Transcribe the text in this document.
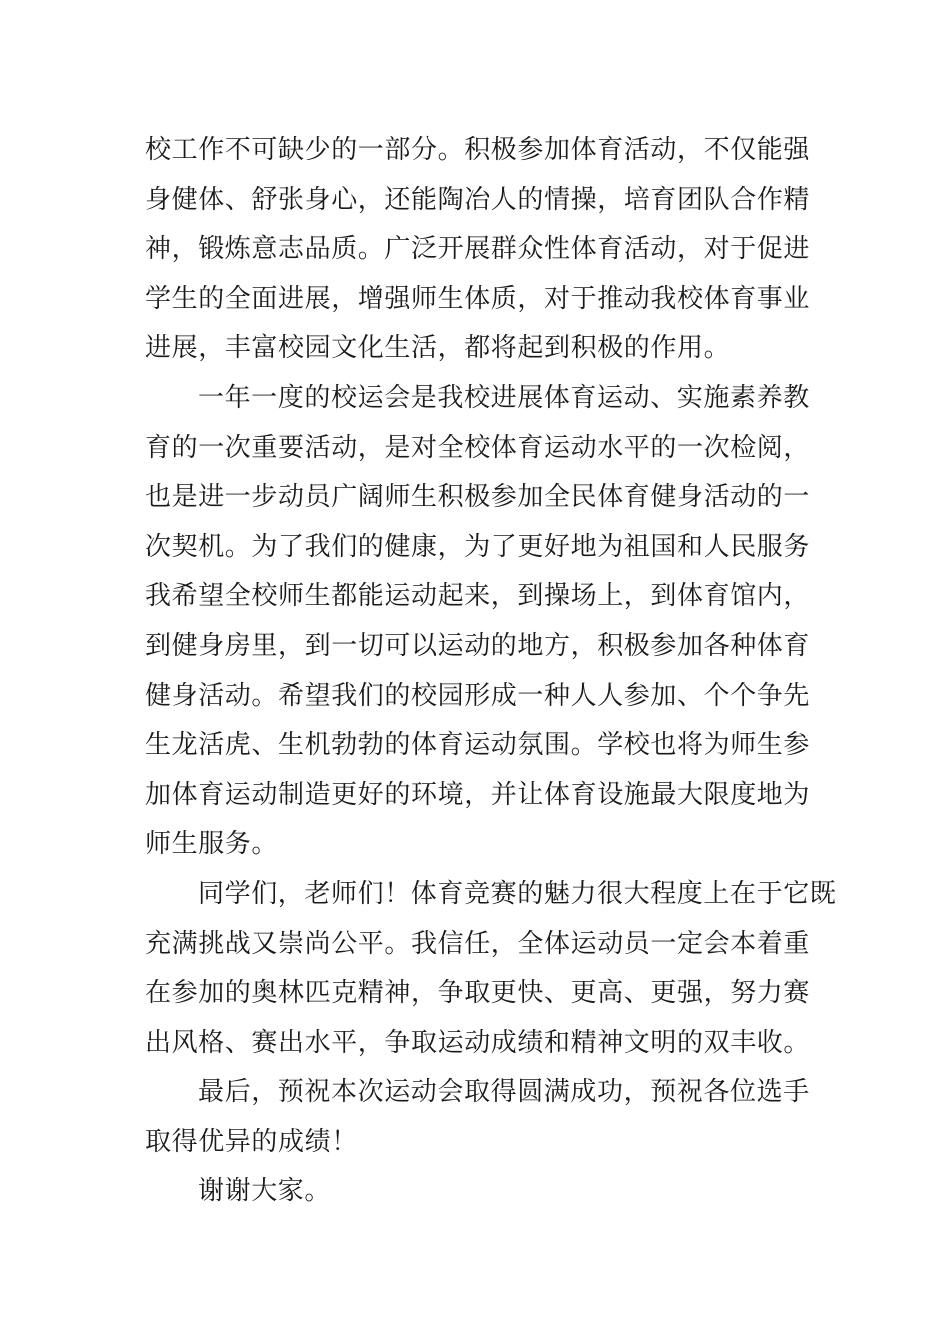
校工作不可缺少的一部分。积极参加体育活动，不仅能强
身健体、舒张身心，还能陶冶人的情操，培育团队合作精
神，锻炼意志品质。广泛开展群众性体育活动，对于促进
学生的全面进展，增强师生体质，对于推动我校体育事业
进展，丰富校园文化生活，都将起到积极的作用。

一年一度的校运会是我校进展体育运动、实施素养教
育的一次重要活动，是对全校体育运动水平的一次检阅，
也是进一步动员广阔师生积极参加全民体育健身活动的一
次契机。为了我们的健康，为了更好地为祖国和人民服务
我希望全校师生都能运动起来，到操场上，到体育馆内，
到健身房里，到一切可以运动的地方，积极参加各种体育
健身活动。希望我们的校园形成一种人人参加、个个争先
生龙活虎、生机勃勃的体育运动氛围。学校也将为师生参
加体育运动制造更好的环境，并让体育设施最大限度地为
师生服务。

同学们，老师们！体育竞赛的魅力很大程度上在于它既
充满挑战又崇尚公平。我信任，全体运动员一定会本着重
在参加的奥林匹克精神，争取更快、更高、更强，努力赛
出风格、赛出水平，争取运动成绩和精神文明的双丰收。

最后，预祝本次运动会取得圆满成功，预祝各位选手
取得优异的成绩！

谢谢大家。
